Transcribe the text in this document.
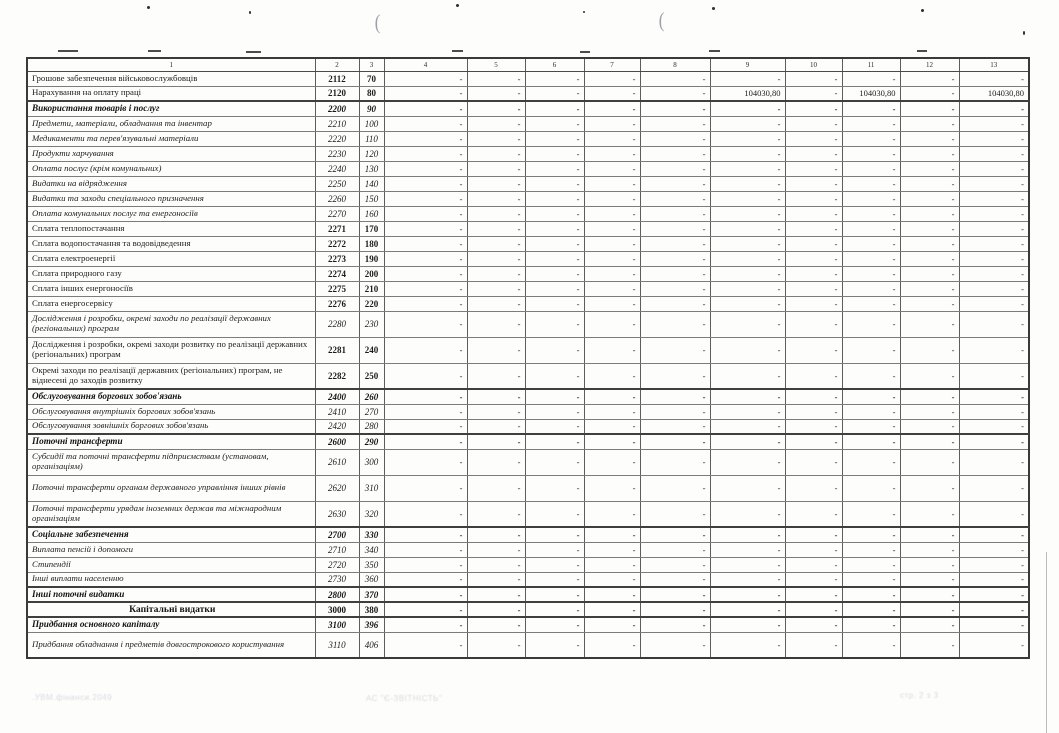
(	(
1	2	3	4	5	6	7	8	9	10	11	12	13
Грошове забезпечення військовослужбовців	2112	70	-	-	-	-	-	-	-	-	-	-
Нарахування на оплату праці	2120	80	-	-	-	-	-	104030,80	-	104030,80	-	104030,80
Використання товарів і послуг	2200	90	-	-	-	-	-	-	-	-	-	-
Предмети, матеріали, обладнання та інвентар	2210	100	-	-	-	-	-	-	-	-	-	-
Медикаменти та перев'язувальні матеріали	2220	110	-	-	-	-	-	-	-	-	-	-
Продукти харчування	2230	120	-	-	-	-	-	-	-	-	-	-
Оплата послуг (крім комунальних)	2240	130	-	-	-	-	-	-	-	-	-	-
Видатки на відрядження	2250	140	-	-	-	-	-	-	-	-	-	-
Видатки та заходи спеціального призначення	2260	150	-	-	-	-	-	-	-	-	-	-
Оплата комунальних послуг та енергоносіїв	2270	160	-	-	-	-	-	-	-	-	-	-
Сплата теплопостачання	2271	170	-	-	-	-	-	-	-	-	-	-
Сплата водопостачання та водовідведення	2272	180	-	-	-	-	-	-	-	-	-	-
Сплата електроенергії	2273	190	-	-	-	-	-	-	-	-	-	-
Сплата природного газу	2274	200	-	-	-	-	-	-	-	-	-	-
Сплата інших енергоносіїв	2275	210	-	-	-	-	-	-	-	-	-	-
Сплата енергосервісу	2276	220	-	-	-	-	-	-	-	-	-	-
Дослідження і розробки, окремі заходи по реалізації державних (регіональних) програм	2280	230	-	-	-	-	-	-	-	-	-	-
Дослідження і розробки, окремі заходи розвитку по реалізації державних (регіональних) програм	2281	240	-	-	-	-	-	-	-	-	-	-
Окремі заходи по реалізації державних (регіональних) програм, не віднесені до заходів розвитку	2282	250	-	-	-	-	-	-	-	-	-	-
Обслуговування боргових зобов'язань	2400	260	-	-	-	-	-	-	-	-	-	-
Обслуговування внутрішніх боргових зобов'язань	2410	270	-	-	-	-	-	-	-	-	-	-
Обслуговування зовнішніх боргових зобов'язань	2420	280	-	-	-	-	-	-	-	-	-	-
Поточні трансферти	2600	290	-	-	-	-	-	-	-	-	-	-
Субсидії та поточні трансферти підприємствам (установам, організаціям)	2610	300	-	-	-	-	-	-	-	-	-	-
Поточні трансферти органам державного управління інших рівнів	2620	310	-	-	-	-	-	-	-	-	-	-
Поточні трансферти урядам іноземних держав та міжнародним організаціям	2630	320	-	-	-	-	-	-	-	-	-	-
Соціальне забезпечення	2700	330	-	-	-	-	-	-	-	-	-	-
Виплата пенсій і допомоги	2710	340	-	-	-	-	-	-	-	-	-	-
Стипендії	2720	350	-	-	-	-	-	-	-	-	-	-
Інші виплати населенню	2730	360	-	-	-	-	-	-	-	-	-	-
Інші поточні видатки	2800	370	-	-	-	-	-	-	-	-	-	-
Капітальні видатки	3000	380	-	-	-	-	-	-	-	-	-	-
Придбання основного капіталу	3100	396	-	-	-	-	-	-	-	-	-	-
Придбання обладнання і предметів довгострокового користування	3110	406	-	-	-	-	-	-	-	-	-	-
.УВМ.фінанси.2049	АС "Є-ЗВІТНІСТЬ"	стр. 2 з 3
